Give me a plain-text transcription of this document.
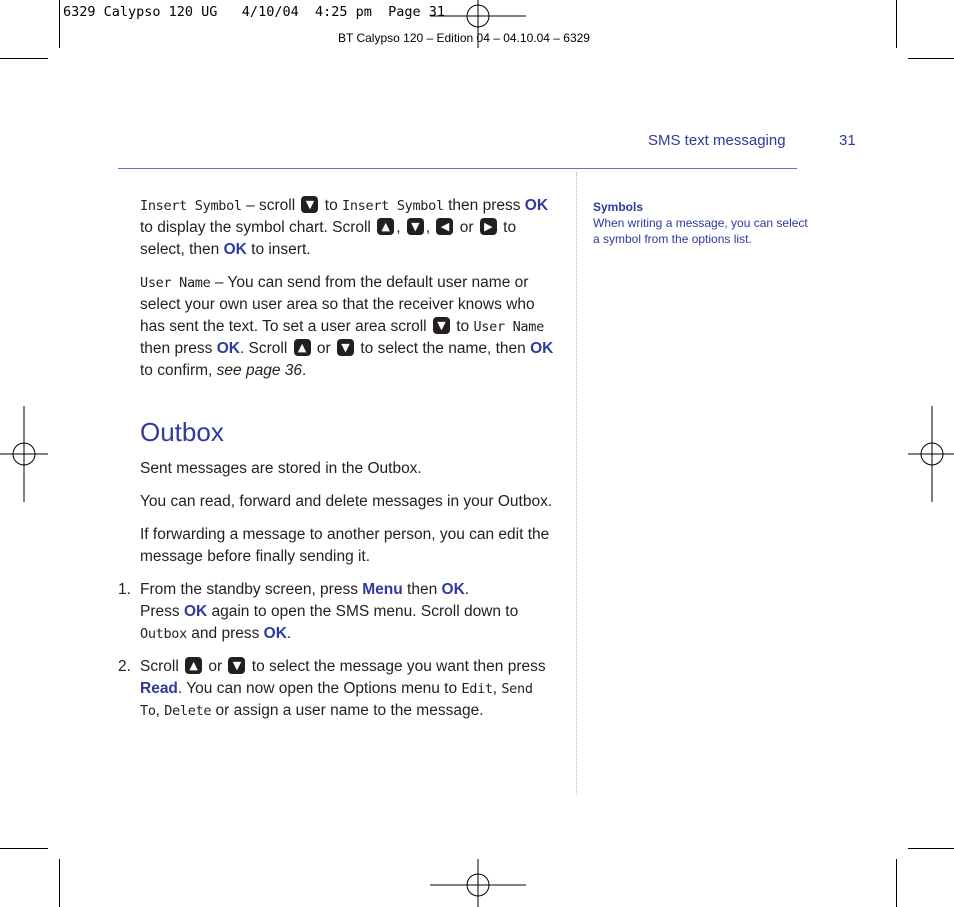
6329 Calypso 120 UG   4/10/04  4:25 pm  Page 31
BT Calypso 120 – Edition 04 – 04.10.04 – 6329
SMS text messaging	31
Symbols
When writing a message, you can select a symbol from the options list.

Insert Symbol – scroll ▼ to Insert Symbol then press OK to display the symbol chart. Scroll ▲, ▼, ◀ or ▶ to select, then OK to insert.

User Name – You can send from the default user name or select your own user area so that the receiver knows who has sent the text. To set a user area scroll ▼ to User Name then press OK. Scroll ▲ or ▼ to select the name, then OK to confirm, see page 36.

Outbox

Sent messages are stored in the Outbox.

You can read, forward and delete messages in your Outbox.

If forwarding a message to another person, you can edit the message before finally sending it.

1. From the standby screen, press Menu then OK.
Press OK again to open the SMS menu. Scroll down to Outbox and press OK.

2. Scroll ▲ or ▼ to select the message you want then press Read. You can now open the Options menu to Edit, Send To, Delete or assign a user name to the message.
